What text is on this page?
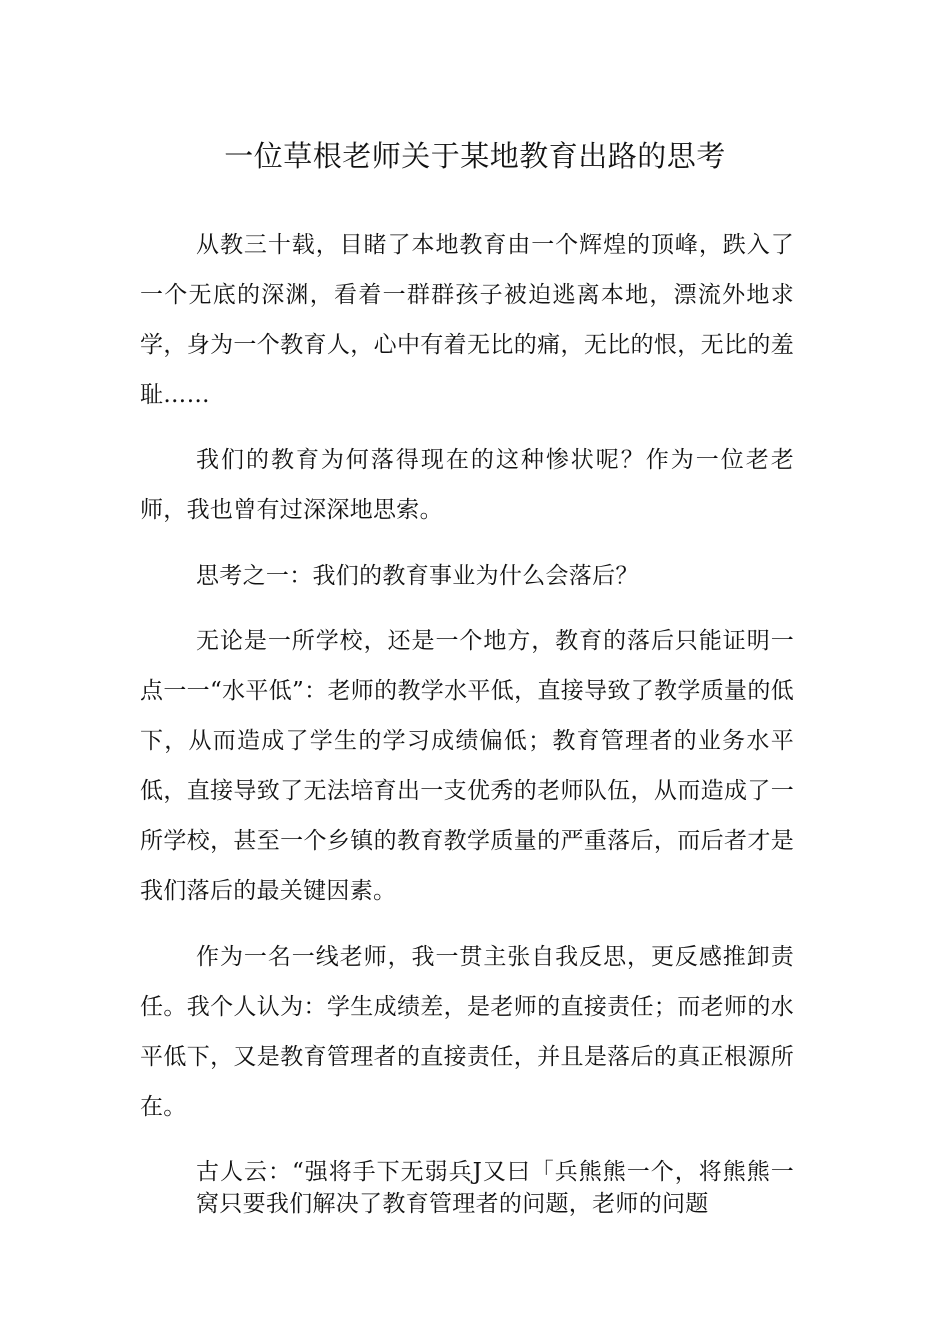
一位草根老师关于某地教育出路的思考

从教三十载，目睹了本地教育由一个辉煌的顶峰，跌入了一个无底的深渊，看着一群群孩子被迫逃离本地，漂流外地求学，身为一个教育人，心中有着无比的痛，无比的恨，无比的羞耻……

我们的教育为何落得现在的这种惨状呢？作为一位老老师，我也曾有过深深地思索。

思考之一：我们的教育事业为什么会落后？

无论是一所学校，还是一个地方，教育的落后只能证明一点一一“水平低”：老师的教学水平低，直接导致了教学质量的低下，从而造成了学生的学习成绩偏低；教育管理者的业务水平低，直接导致了无法培育出一支优秀的老师队伍，从而造成了一所学校，甚至一个乡镇的教育教学质量的严重落后，而后者才是我们落后的最关键因素。

作为一名一线老师，我一贯主张自我反思，更反感推卸责任。我个人认为：学生成绩差，是老师的直接责任；而老师的水平低下，又是教育管理者的直接责任，并且是落后的真正根源所在。

古人云：“强将手下无弱兵J又曰「兵熊熊一个，将熊熊一窝只要我们解决了教育管理者的问题，老师的问题
